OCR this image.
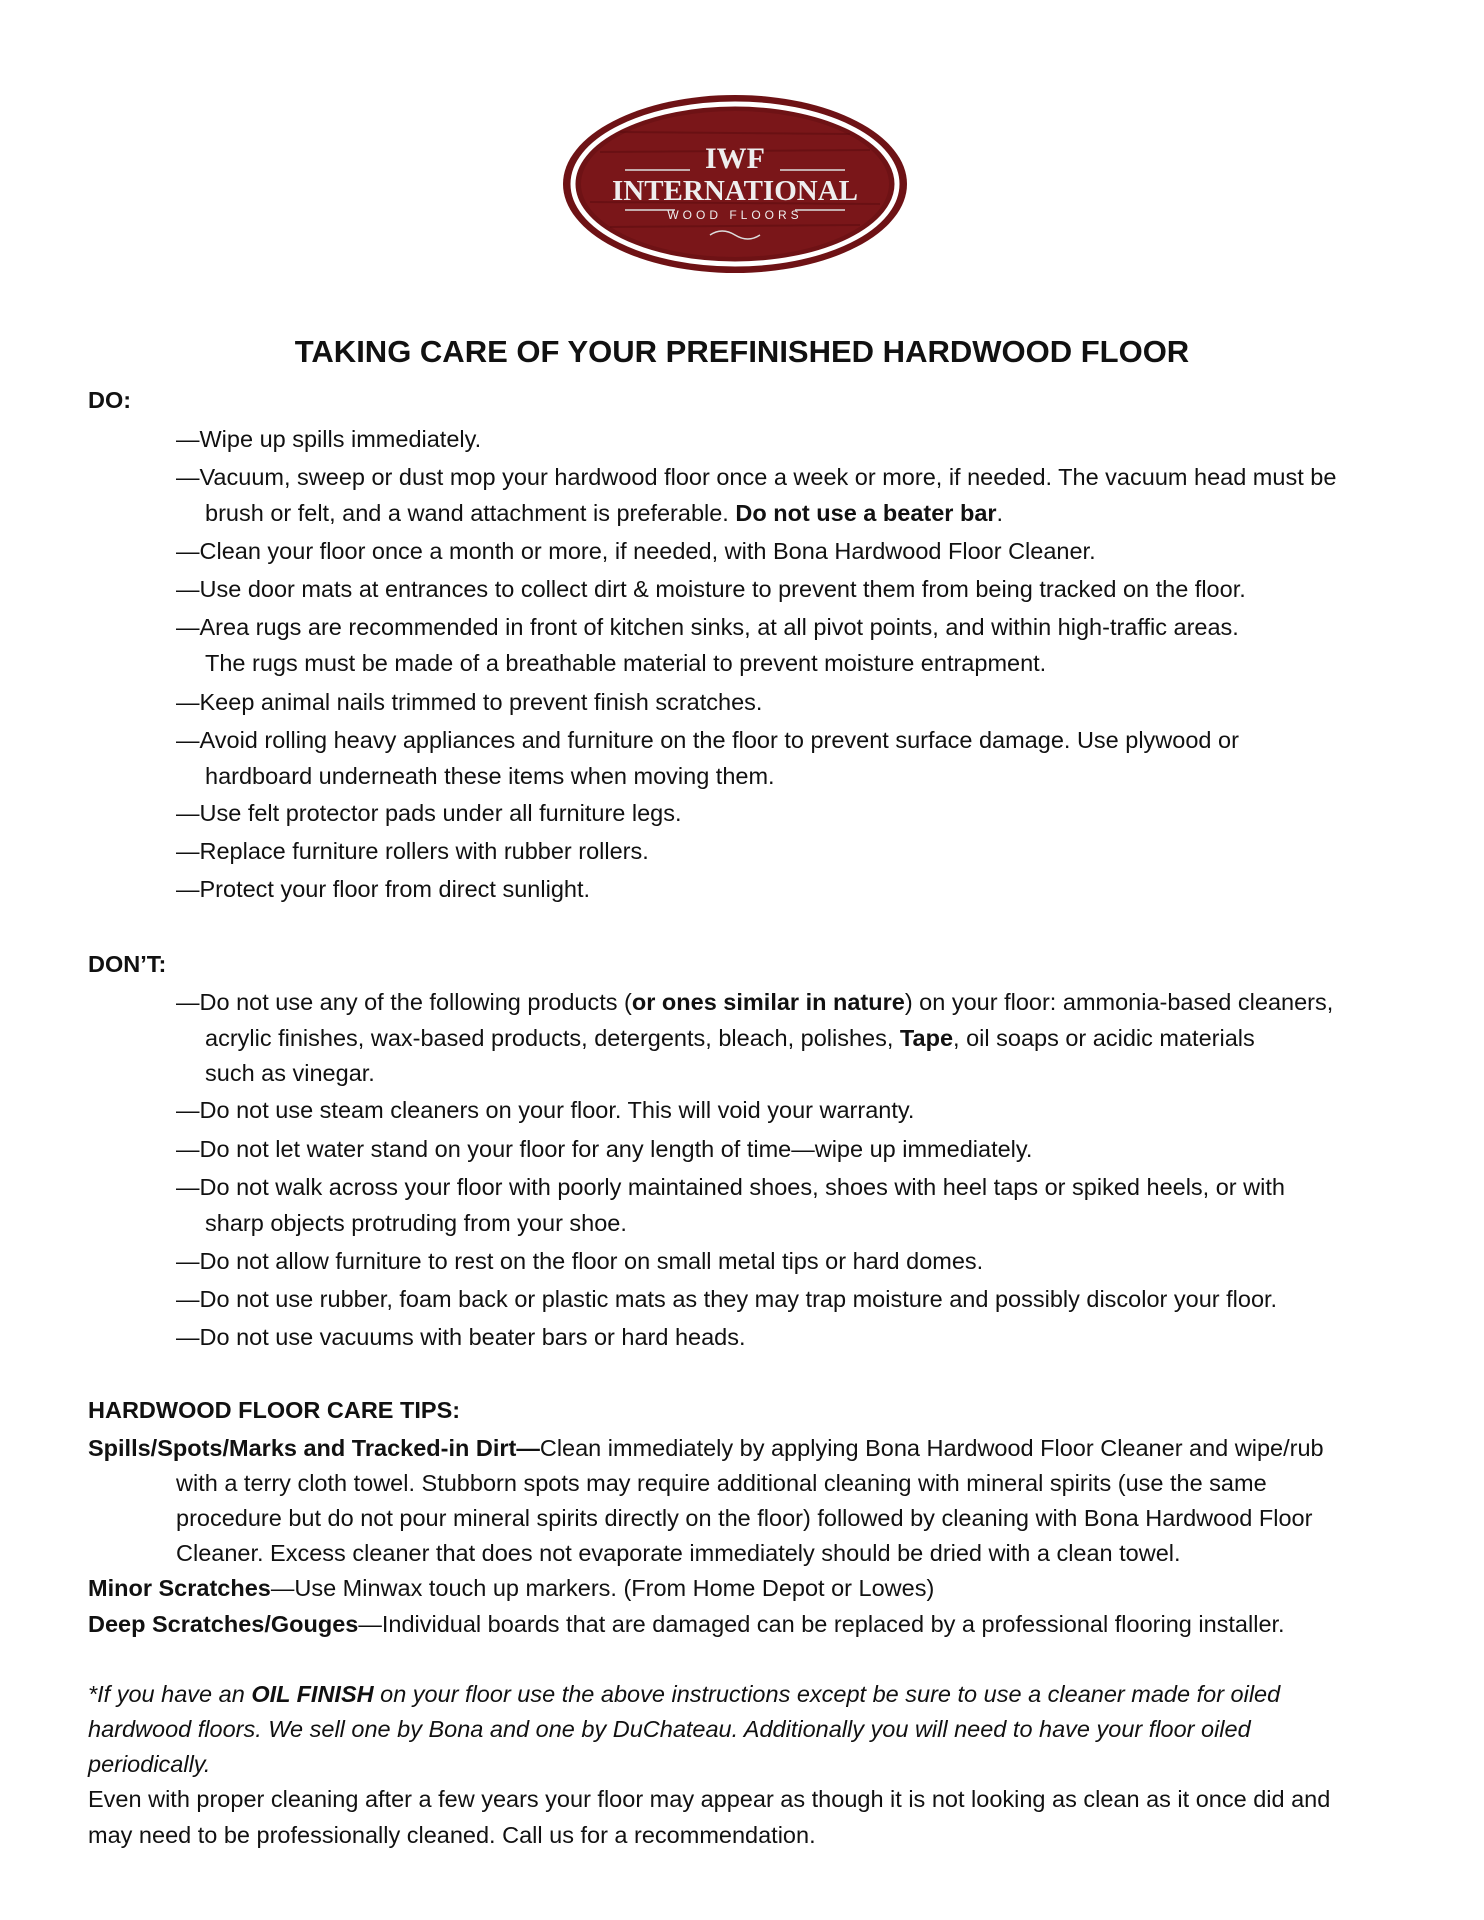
IWF
INTERNATIONAL
WOOD FLOORS
TAKING CARE OF YOUR PREFINISHED HARDWOOD FLOOR
DO:
—Wipe up spills immediately.
—Vacuum, sweep or dust mop your hardwood floor once a week or more, if needed. The vacuum head must be
brush or felt, and a wand attachment is preferable. Do not use a beater bar.
—Clean your floor once a month or more, if needed, with Bona Hardwood Floor Cleaner.
—Use door mats at entrances to collect dirt & moisture to prevent them from being tracked on the floor.
—Area rugs are recommended in front of kitchen sinks, at all pivot points, and within high-traffic areas.
The rugs must be made of a breathable material to prevent moisture entrapment.
—Keep animal nails trimmed to prevent finish scratches.
—Avoid rolling heavy appliances and furniture on the floor to prevent surface damage. Use plywood or
hardboard underneath these items when moving them.
—Use felt protector pads under all furniture legs.
—Replace furniture rollers with rubber rollers.
—Protect your floor from direct sunlight.
DON’T:
—Do not use any of the following products (or ones similar in nature) on your floor: ammonia-based cleaners,
acrylic finishes, wax-based products, detergents, bleach, polishes, Tape, oil soaps or acidic materials
such as vinegar.
—Do not use steam cleaners on your floor. This will void your warranty.
—Do not let water stand on your floor for any length of time—wipe up immediately.
—Do not walk across your floor with poorly maintained shoes, shoes with heel taps or spiked heels, or with
sharp objects protruding from your shoe.
—Do not allow furniture to rest on the floor on small metal tips or hard domes.
—Do not use rubber, foam back or plastic mats as they may trap moisture and possibly discolor your floor.
—Do not use vacuums with beater bars or hard heads.
HARDWOOD FLOOR CARE TIPS:
Spills/Spots/Marks and Tracked-in Dirt—Clean immediately by applying Bona Hardwood Floor Cleaner and wipe/rub
with a terry cloth towel. Stubborn spots may require additional cleaning with mineral spirits (use the same
procedure but do not pour mineral spirits directly on the floor) followed by cleaning with Bona Hardwood Floor
Cleaner. Excess cleaner that does not evaporate immediately should be dried with a clean towel.
Minor Scratches—Use Minwax touch up markers. (From Home Depot or Lowes)
Deep Scratches/Gouges—Individual boards that are damaged can be replaced by a professional flooring installer.
*If you have an OIL FINISH on your floor use the above instructions except be sure to use a cleaner made for oiled
hardwood floors. We sell one by Bona and one by DuChateau. Additionally you will need to have your floor oiled
periodically.
Even with proper cleaning after a few years your floor may appear as though it is not looking as clean as it once did and
may need to be professionally cleaned. Call us for a recommendation.
